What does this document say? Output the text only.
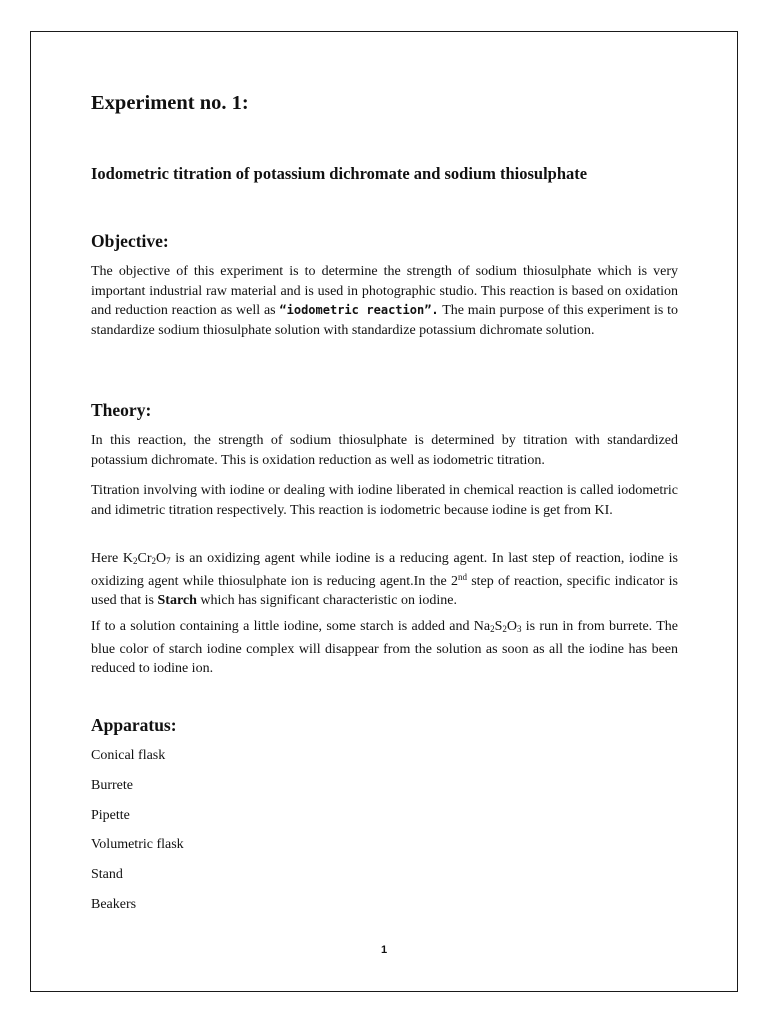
Experiment no. 1:
Iodometric titration of potassium dichromate and sodium thiosulphate
Objective:

The objective of this experiment is to determine the strength of sodium thiosulphate which is very important industrial raw material and is used in photographic studio. This reaction is based on oxidation and reduction reaction as well as “iodometric reaction”. The main purpose of this experiment is to standardize sodium thiosulphate solution with standardize potassium dichromate solution.

Theory:

In this reaction, the strength of sodium thiosulphate is determined by titration with standardized potassium dichromate. This is oxidation reduction as well as iodometric titration.

Titration involving with iodine or dealing with iodine liberated in chemical reaction is called iodometric and idimetric titration respectively. This reaction is iodometric because iodine is get from KI.

Here $K_2Cr_2O_7$ is an oxidizing agent while iodine is a reducing agent. In last step of reaction, iodine is oxidizing agent while thiosulphate ion is reducing agent.In the 2nd step of reaction, specific indicator is used that is Starch which has significant characteristic on iodine.

If to a solution containing a little iodine, some starch is added and $Na_2S_2O_3$ is run in from burrete. The blue color of starch iodine complex will disappear from the solution as soon as all the iodine has been reduced to iodine ion.

Apparatus:
Conical flask
Burrete
Pipette
Volumetric flask
Stand
Beakers
1
